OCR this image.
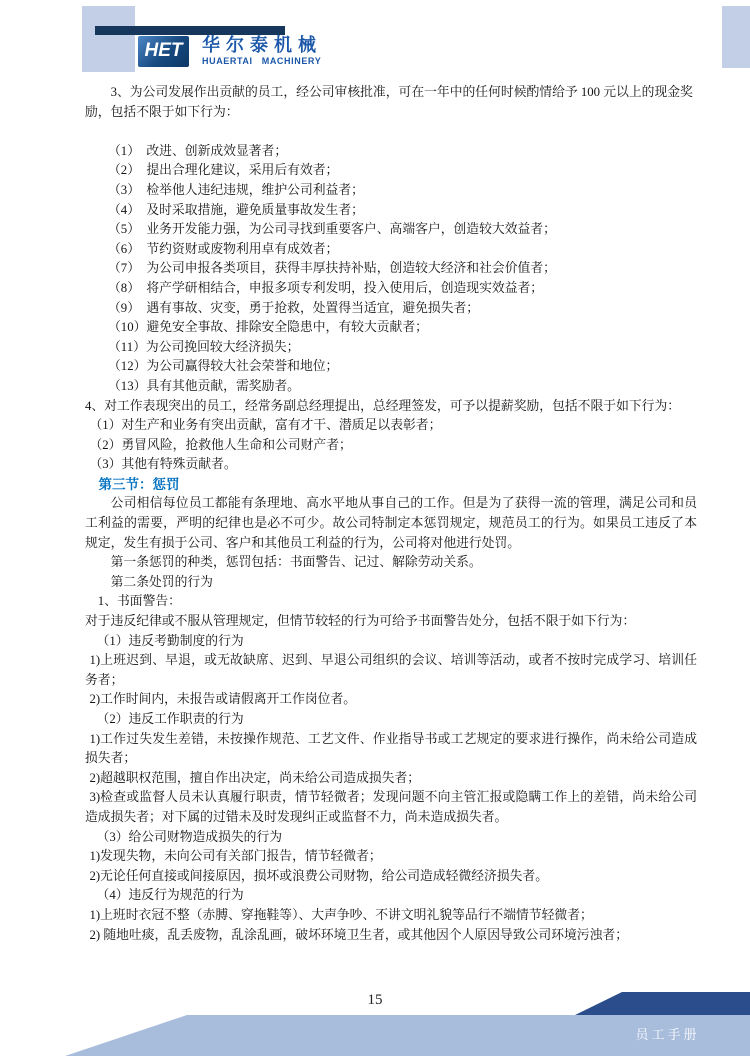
HET 华尔泰机械
HUAERTAI MACHINERY

3、为公司发展作出贡献的员工，经公司审核批准，可在一年中的任何时候酌情给予 100 元以上的现金奖励，包括不限于如下行为：

（1）　改进、创新成效显著者；

（2）　提出合理化建议，采用后有效者；

（3）　检举他人违纪违规，维护公司利益者；

（4）　及时采取措施，避免质量事故发生者；

（5）　业务开发能力强，为公司寻找到重要客户、高端客户，创造较大效益者；

（6）　节约资财或废物利用卓有成效者；

（7）　为公司申报各类项目，获得丰厚扶持补贴，创造较大经济和社会价值者；

（8）　将产学研相结合，申报多项专利发明，投入使用后，创造现实效益者；

（9）　遇有事故、灾变，勇于抢救，处置得当适宜，避免损失者；

（10）避免安全事故、排除安全隐患中，有较大贡献者；

（11）为公司挽回较大经济损失；

（12）为公司赢得较大社会荣誉和地位；

（13）具有其他贡献，需奖励者。

4、对工作表现突出的员工，经常务副总经理提出，总经理签发，可予以提薪奖励，包括不限于如下行为：

（1）对生产和业务有突出贡献，富有才干、潜质足以表彰者；

（2）勇冒风险，抢救他人生命和公司财产者；

（3）其他有特殊贡献者。

第三节：惩罚

公司相信每位员工都能有条理地、高水平地从事自己的工作。但是为了获得一流的管理，满足公司和员工利益的需要，严明的纪律也是必不可少。故公司特制定本惩罚规定，规范员工的行为。如果员工违反了本规定，发生有损于公司、客户和其他员工利益的行为，公司将对他进行处罚。

第一条惩罚的种类，惩罚包括：书面警告、记过、解除劳动关系。

第二条处罚的行为

1、书面警告：

对于违反纪律或不服从管理规定，但情节较轻的行为可给予书面警告处分，包括不限于如下行为：

（1）违反考勤制度的行为

1)上班迟到、早退，或无故缺席、迟到、早退公司组织的会议、培训等活动，或者不按时完成学习、培训任务者；

2)工作时间内，未报告或请假离开工作岗位者。

（2）违反工作职责的行为

1)工作过失发生差错，未按操作规范、工艺文件、作业指导书或工艺规定的要求进行操作，尚未给公司造成损失者；

2)超越职权范围，擅自作出决定，尚未给公司造成损失者；

3)检查或监督人员未认真履行职责，情节轻微者；发现问题不向主管汇报或隐瞒工作上的差错，尚未给公司造成损失者；对下属的过错未及时发现纠正或监督不力，尚未造成损失者。

（3）给公司财物造成损失的行为

1)发现失物，未向公司有关部门报告，情节轻微者；

2)无论任何直接或间接原因，损坏或浪费公司财物，给公司造成轻微经济损失者。

（4）违反行为规范的行为

1)上班时衣冠不整（赤膊、穿拖鞋等）、大声争吵、不讲文明礼貌等品行不端情节轻微者；

2) 随地吐痰，乱丢废物，乱涂乱画，破坏环境卫生者，或其他因个人原因导致公司环境污浊者；

15
员工手册
